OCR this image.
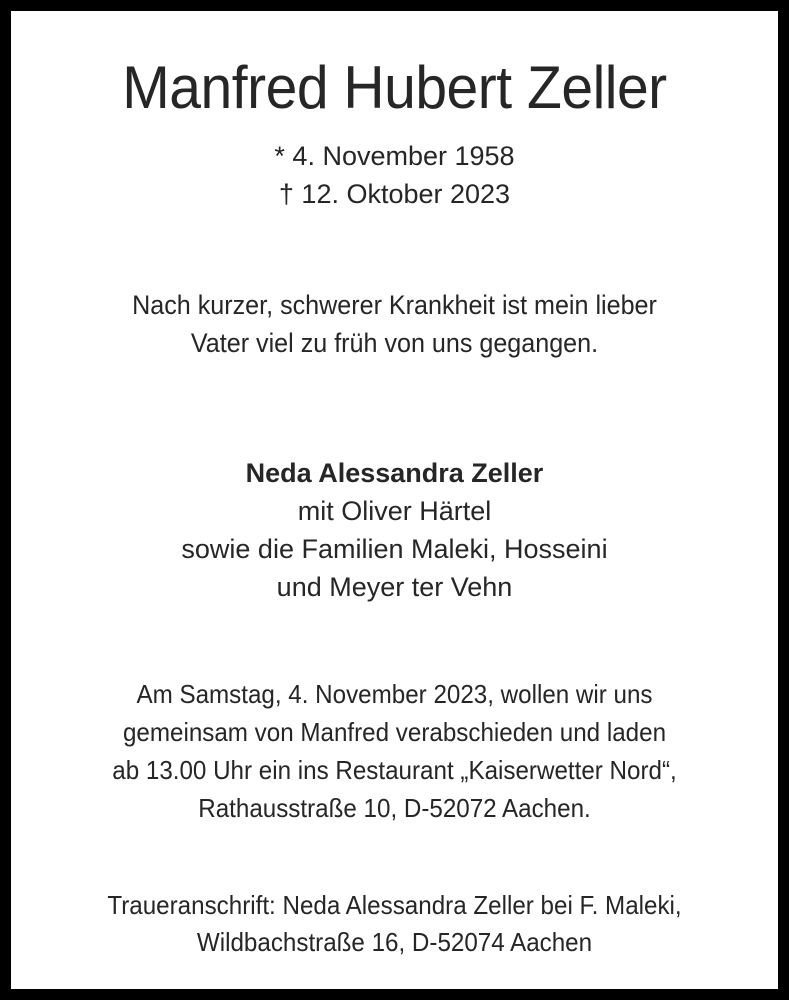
Manfred Hubert Zeller
* 4. November 1958
† 12. Oktober 2023
Nach kurzer, schwerer Krankheit ist mein lieber
Vater viel zu früh von uns gegangen.
Neda Alessandra Zeller
mit Oliver Härtel
sowie die Familien Maleki, Hosseini
und Meyer ter Vehn
Am Samstag, 4. November 2023, wollen wir uns
gemeinsam von Manfred verabschieden und laden
ab 13.00 Uhr ein ins Restaurant „Kaiserwetter Nord“,
Rathausstraße 10, D-52072 Aachen.
Traueranschrift: Neda Alessandra Zeller bei F. Maleki,
Wildbachstraße 16, D-52074 Aachen
